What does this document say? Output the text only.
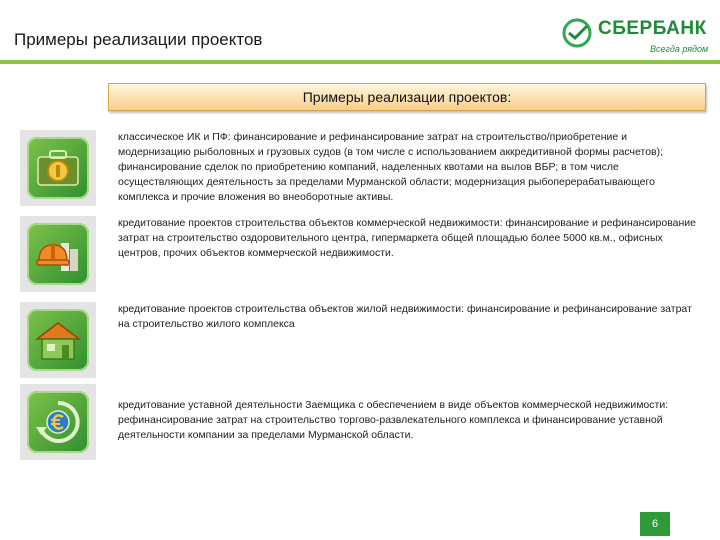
Примеры реализации проектов
СБЕРБАНК
Всегда рядом
Примеры реализации проектов:

классическое ИК и ПФ: финансирование и рефинансирование затрат на строительство/приобретение и модернизацию рыболовных и грузовых судов (в том числе с использованием аккредитивной формы расчетов); финансирование сделок по приобретению компаний, наделенных квотами на вылов ВБР; в том числе осуществляющих деятельность за пределами Мурманской области; модернизация рыбоперерабатывающего комплекса и прочие вложения во внеоборотные активы.

кредитование проектов строительства объектов коммерческой недвижимости: финансирование и рефинансирование затрат на строительство оздоровительного центра, гипермаркета общей площадью более 5000 кв.м., офисных центров, прочих объектов коммерческой недвижимости.

кредитование проектов строительства объектов жилой недвижимости: финансирование и рефинансирование затрат на строительство жилого комплекса

кредитование уставной деятельности Заемщика с обеспечением в виде объектов коммерческой недвижимости: рефинансирование затрат на строительство торгово-развлекательного комплекса и финансирование уставной деятельности компании за пределами Мурманской области.

6
